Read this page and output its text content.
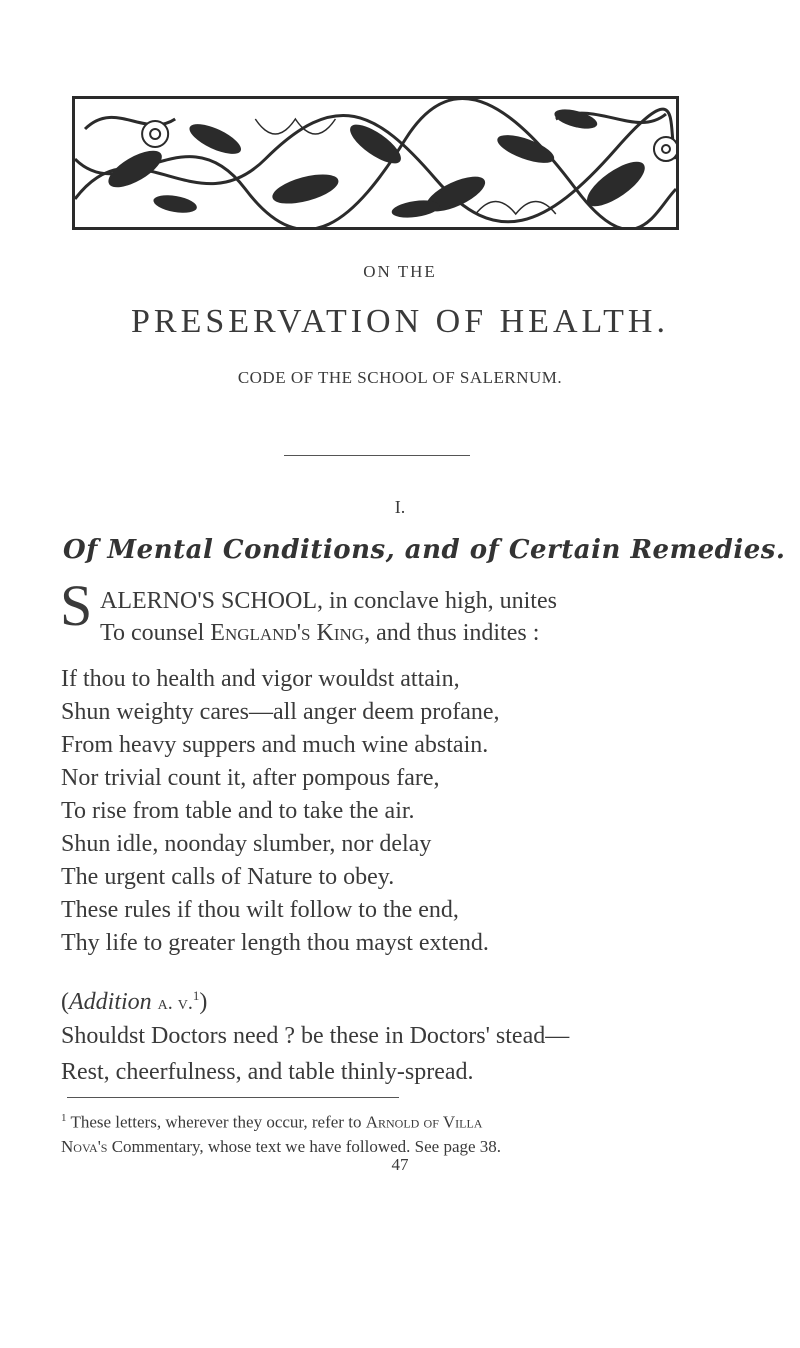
ON THE
PRESERVATION OF HEALTH.
CODE OF THE SCHOOL OF SALERNUM.
I.
Of Mental Conditions, and of Certain Remedies.
S ALERNO'S SCHOOL, in conclave high, unites
To counsel England's King, and thus indites :
If thou to health and vigor wouldst attain,
Shun weighty cares—all anger deem profane,
From heavy suppers and much wine abstain.
Nor trivial count it, after pompous fare,
To rise from table and to take the air.
Shun idle, noonday slumber, nor delay
The urgent calls of Nature to obey.
These rules if thou wilt follow to the end,
Thy life to greater length thou mayst extend.
(Addition a. v.$^1$)
Shouldst Doctors need ? be these in Doctors' stead—
Rest, cheerfulness, and table thinly-spread.
$^1$ These letters, wherever they occur, refer to Arnold of Villa
Nova's Commentary, whose text we have followed. See page 38.
47
